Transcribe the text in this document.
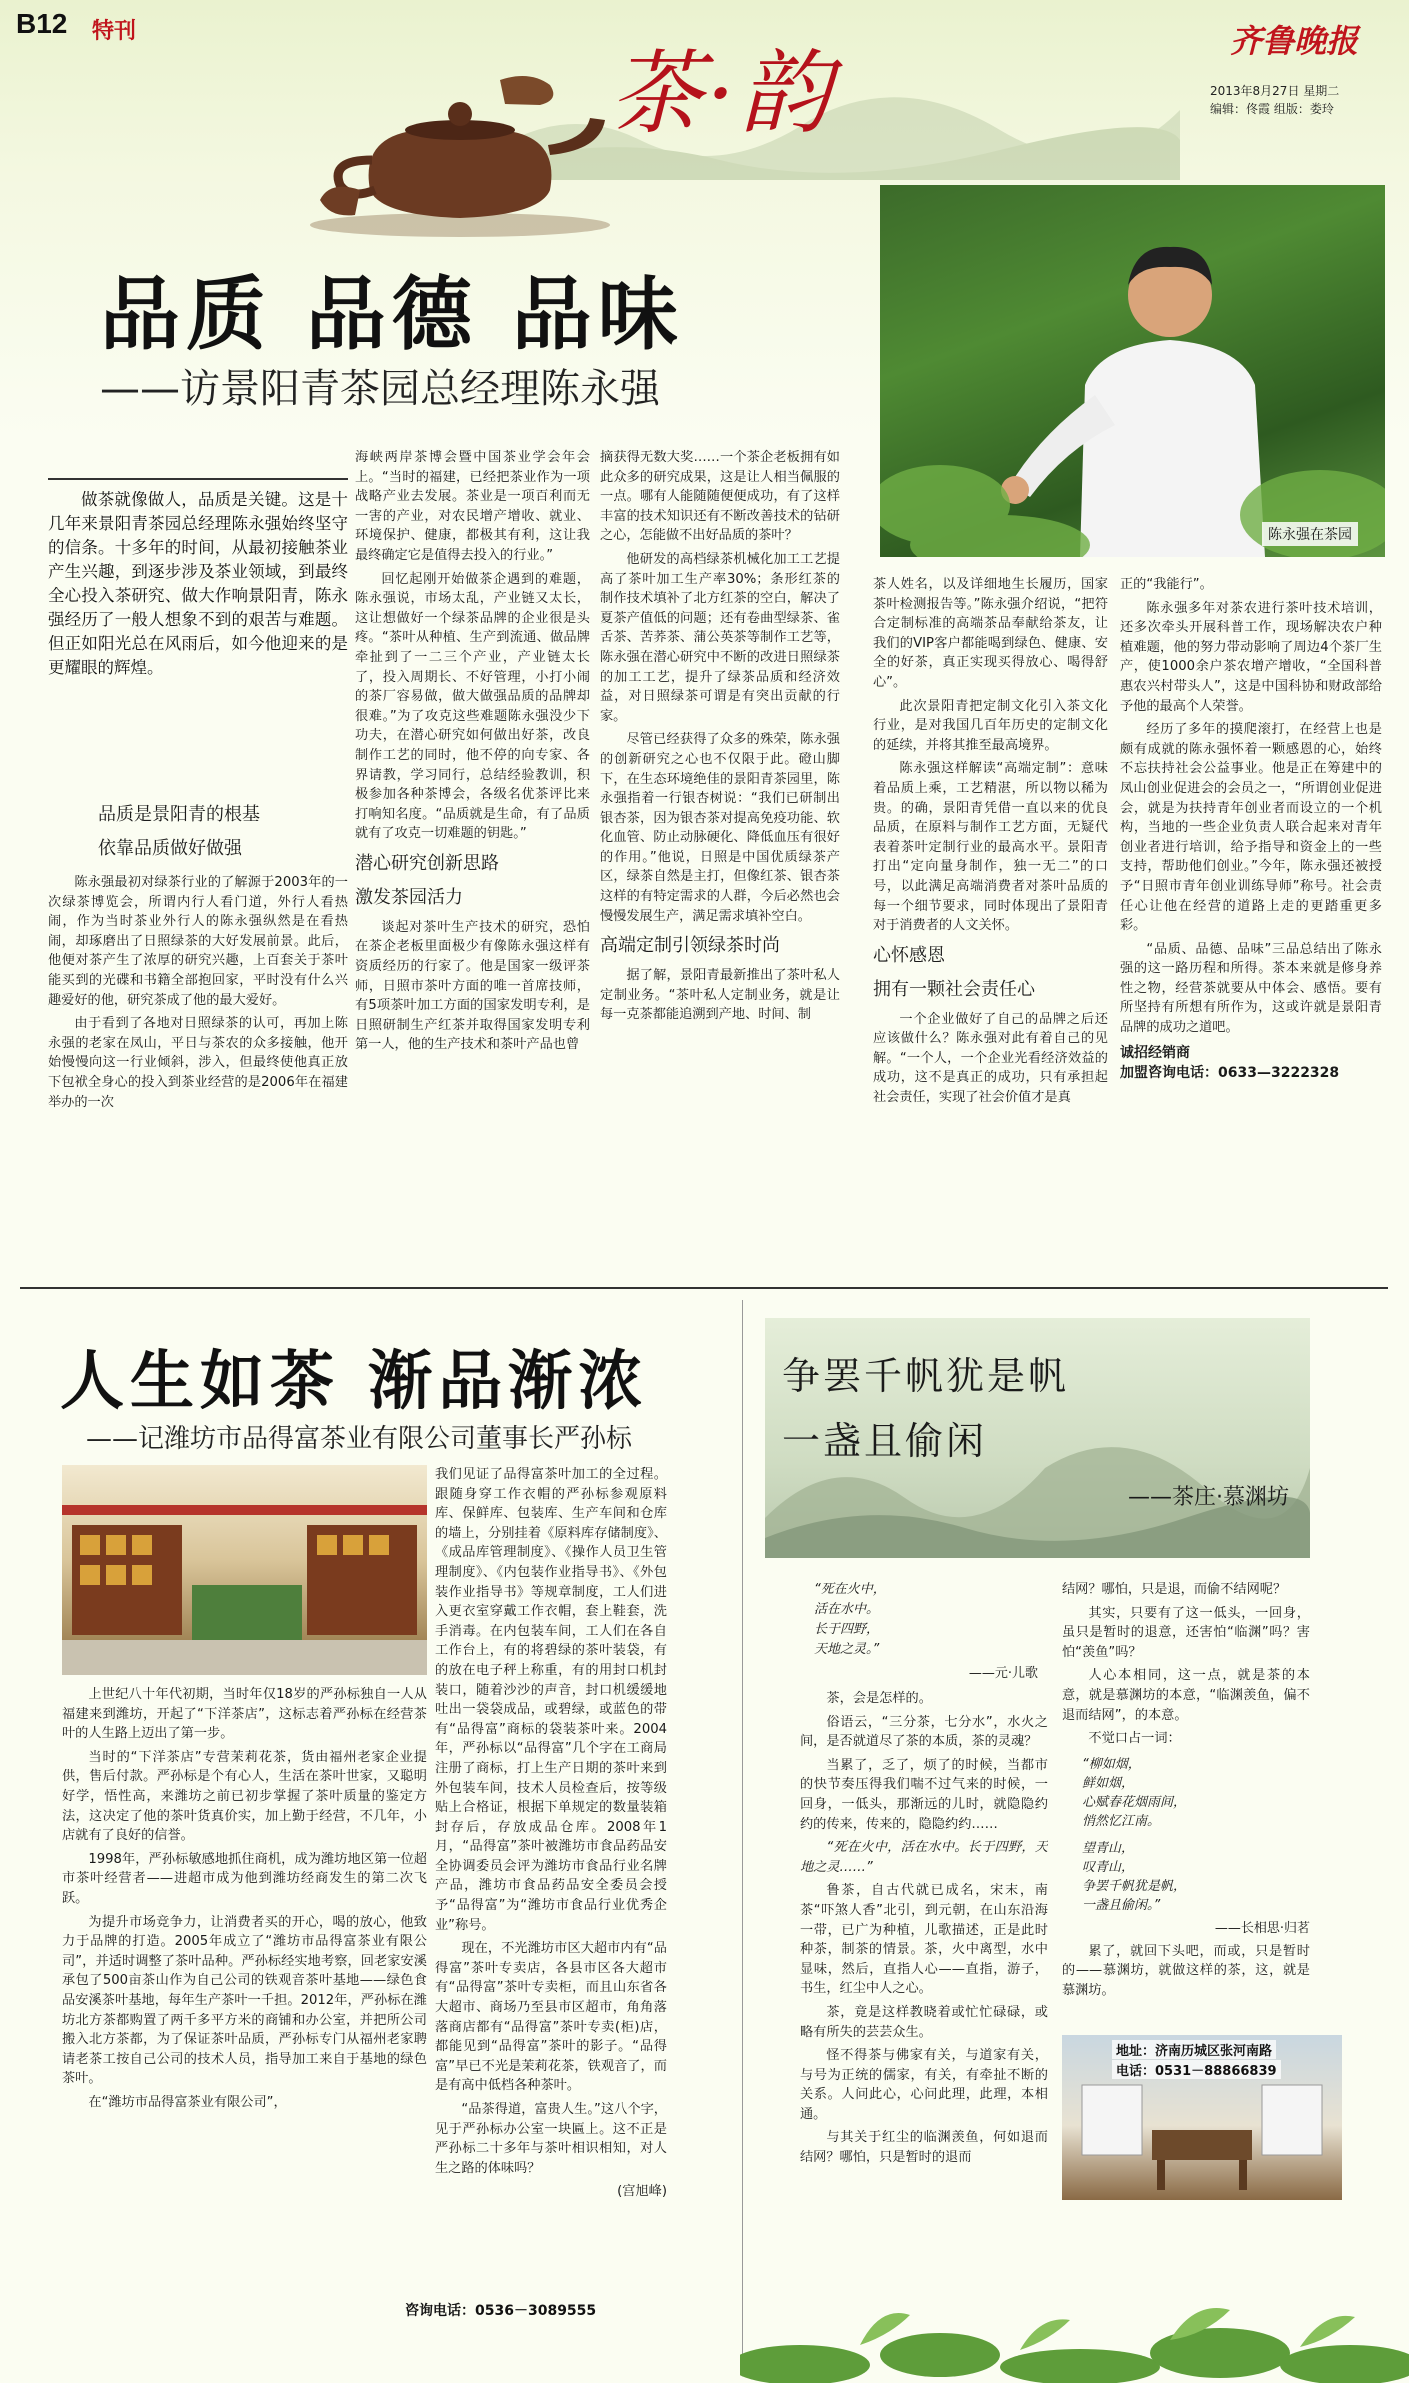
B12 特刊
茶·韵	齐鲁晚报
2013年8月27日 星期二
编辑：佟霞 组版：娄玲
品质 品德 品味
——访景阳青茶园总经理陈永强
陈永强在茶园

做茶就像做人，品质是关键。这是十几年来景阳青茶园总经理陈永强始终坚守的信条。十多年的时间，从最初接触茶业产生兴趣，到逐步涉及茶业领域，到最终全心投入茶研究、做大作响景阳青，陈永强经历了一般人想象不到的艰苦与难题。但正如阳光总在风雨后，如今他迎来的是更耀眼的辉煌。

品质是景阳青的根基
依靠品质做好做强

陈永强最初对绿茶行业的了解源于2003年的一次绿茶博览会，所谓内行人看门道，外行人看热闹，作为当时茶业外行人的陈永强纵然是在看热闹，却琢磨出了日照绿茶的大好发展前景。此后，他便对茶产生了浓厚的研究兴趣，上百套关于茶叶能买到的光碟和书籍全部抱回家，平时没有什么兴趣爱好的他，研究茶成了他的最大爱好。

由于看到了各地对日照绿茶的认可，再加上陈永强的老家在凤山，平日与茶农的众多接触，他开始慢慢向这一行业倾斜，涉入，但最终使他真正放下包袱全身心的投入到茶业经营的是2006年在福建举办的一次

海峡两岸茶博会暨中国茶业学会年会上。“当时的福建，已经把茶业作为一项战略产业去发展。茶业是一项百利而无一害的产业，对农民增产增收、就业、环境保护、健康，都极其有利，这让我最终确定它是值得去投入的行业。”

回忆起刚开始做茶企遇到的难题，陈永强说，市场太乱，产业链又太长，这让想做好一个绿茶品牌的企业很是头疼。“茶叶从种植、生产到流通、做品牌牵扯到了一二三个产业，产业链太长了，投入周期长、不好管理，小打小闹的茶厂容易做，做大做强品质的品牌却很难。”为了攻克这些难题陈永强没少下功夫，在潜心研究如何做出好茶，改良制作工艺的同时，他不停的向专家、各界请教，学习同行，总结经验教训，积极参加各种茶博会，各级名优茶评比来打响知名度。“品质就是生命，有了品质就有了攻克一切难题的钥匙。”

潜心研究创新思路
激发茶园活力

谈起对茶叶生产技术的研究，恐怕在茶企老板里面极少有像陈永强这样有资质经历的行家了。他是国家一级评茶师，日照市茶叶方面的唯一首席技师，有5项茶叶加工方面的国家发明专利，是日照研制生产红茶并取得国家发明专利第一人，他的生产技术和茶叶产品也曾

摘获得无数大奖……一个茶企老板拥有如此众多的研究成果，这是让人相当佩服的一点。哪有人能随随便便成功，有了这样丰富的技术知识还有不断改善技术的钻研之心，怎能做不出好品质的茶叶？

他研发的高档绿茶机械化加工工艺提高了茶叶加工生产率30%；条形红茶的制作技术填补了北方红茶的空白，解决了夏茶产值低的问题；还有卷曲型绿茶、雀舌茶、苦荞茶、蒲公英茶等制作工艺等，陈永强在潜心研究中不断的改进日照绿茶的加工工艺，提升了绿茶品质和经济效益，对日照绿茶可谓是有突出贡献的行家。

尽管已经获得了众多的殊荣，陈永强的创新研究之心也不仅限于此。磴山脚下，在生态环境绝佳的景阳青茶园里，陈永强指着一行银杏树说：“我们已研制出银杏茶，因为银杏茶对提高免疫功能、软化血管、防止动脉硬化、降低血压有很好的作用。”他说，日照是中国优质绿茶产区，绿茶自然是主打，但像红茶、银杏茶这样的有特定需求的人群，今后必然也会慢慢发展生产，满足需求填补空白。

高端定制引领绿茶时尚

据了解，景阳青最新推出了茶叶私人定制业务。“茶叶私人定制业务，就是让每一克茶都能追溯到产地、时间、制

茶人姓名，以及详细地生长履历，国家茶叶检测报告等。”陈永强介绍说，“把符合定制标准的高端茶品奉献给茶友，让我们的VIP客户都能喝到绿色、健康、安全的好茶，真正实现买得放心、喝得舒心”。

此次景阳青把定制文化引入茶文化行业，是对我国几百年历史的定制文化的延续，并将其推至最高境界。

陈永强这样解读“高端定制”：意味着品质上乘，工艺精湛，所以物以稀为贵。的确，景阳青凭借一直以来的优良品质，在原料与制作工艺方面，无疑代表着茶叶定制行业的最高水平。景阳青打出“定向量身制作，独一无二”的口号，以此满足高端消费者对茶叶品质的每一个细节要求，同时体现出了景阳青对于消费者的人文关怀。

心怀感恩
拥有一颗社会责任心

一个企业做好了自己的品牌之后还应该做什么？陈永强对此有着自己的见解。“一个人，一个企业光看经济效益的成功，这不是真正的成功，只有承担起社会责任，实现了社会价值才是真

正的“我能行”。

陈永强多年对茶农进行茶叶技术培训，还多次牵头开展科普工作，现场解决农户种植难题，他的努力带动影响了周边4个茶厂生产，使1000余户茶农增产增收，“全国科普惠农兴村带头人”，这是中国科协和财政部给予他的最高个人荣誉。

经历了多年的摸爬滚打，在经营上也是颇有成就的陈永强怀着一颗感恩的心，始终不忘扶持社会公益事业。他是正在筹建中的凤山创业促进会的会员之一，“所谓创业促进会，就是为扶持青年创业者而设立的一个机构，当地的一些企业负责人联合起来对青年创业者进行培训，给予指导和资金上的一些支持，帮助他们创业。”今年，陈永强还被授予“日照市青年创业训练导师”称号。社会责任心让他在经营的道路上走的更踏重更多彩。

“品质、品德、品味”三品总结出了陈永强的这一路历程和所得。茶本来就是修身养性之物，经营茶就要从中体会、感悟。要有所坚持有所想有所作为，这或许就是景阳青品牌的成功之道吧。

诚招经销商
加盟咨询电话：0633—3222328
人生如茶 渐品渐浓
——记潍坊市品得富茶业有限公司董事长严孙标

上世纪八十年代初期，当时年仅18岁的严孙标独自一人从福建来到潍坊，开起了“下洋茶店”，这标志着严孙标在经营茶叶的人生路上迈出了第一步。

当时的“下洋茶店”专营茉莉花茶，货由福州老家企业提供，售后付款。严孙标是个有心人，生活在茶叶世家，又聪明好学，悟性高，来潍坊之前已初步掌握了茶叶质量的鉴定方法，这决定了他的茶叶货真价实，加上勤于经营，不几年，小店就有了良好的信誉。

1998年，严孙标敏感地抓住商机，成为潍坊地区第一位超市茶叶经营者——进超市成为他到潍坊经商发生的第二次飞跃。

为提升市场竞争力，让消费者买的开心，喝的放心，他致力于品牌的打造。2005年成立了“潍坊市品得富茶业有限公司”，并适时调整了茶叶品种。严孙标经实地考察，回老家安溪承包了500亩茶山作为自己公司的铁观音茶叶基地——绿色食品安溪茶叶基地，每年生产茶叶一千担。2012年，严孙标在潍坊北方茶都购置了两千多平方米的商铺和办公室，并把所公司搬入北方茶都，为了保证茶叶品质，严孙标专门从福州老家聘请老茶工按自己公司的技术人员，指导加工来自于基地的绿色茶叶。

在“潍坊市品得富茶业有限公司”，

我们见证了品得富茶叶加工的全过程。跟随身穿工作衣帽的严孙标参观原料库、保鲜库、包装库、生产车间和仓库的墙上，分别挂着《原料库存储制度》、《成品库管理制度》、《操作人员卫生管理制度》、《内包装作业指导书》、《外包装作业指导书》等规章制度，工人们进入更衣室穿戴工作衣帽，套上鞋套，洗手消毒。在内包装车间，工人们在各自工作台上，有的将碧绿的茶叶装袋，有的放在电子秤上称重，有的用封口机封装口，随着沙沙的声音，封口机缓缓地吐出一袋袋成品，或碧绿，或蓝色的带有“品得富”商标的袋装茶叶来。2004年，严孙标以“品得富”几个字在工商局注册了商标，打上生产日期的茶叶来到外包装车间，技术人员检查后，按等级贴上合格证，根据下单规定的数量装箱封存后，存放成品仓库。2008年1月，“品得富”茶叶被潍坊市食品药品安全协调委员会评为潍坊市食品行业名牌产品，潍坊市食品药品安全委员会授予“品得富”为“潍坊市食品行业优秀企业”称号。

现在，不光潍坊市区大超市内有“品得富”茶叶专卖店，各县市区各大超市有“品得富”茶叶专卖柜，而且山东省各大超市、商场乃至县市区超市，角角落落商店都有“品得富”茶叶专卖(柜)店，都能见到“品得富”茶叶的影子。“品得富”早已不光是茉莉花茶，铁观音了，而是有高中低档各种茶叶。

“品茶得道，富贵人生。”这八个字，见于严孙标办公室一块匾上。这不正是严孙标二十多年与茶叶相识相知，对人生之路的体味吗？

(宫旭峰)

咨询电话：0536－3089555
争罢千帆犹是帆
一盏且偷闲
——茶庄·慕渊坊
“死在火中，
活在水中。
长于四野，
天地之灵。”
——元·儿歌

茶，会是怎样的。

俗语云，“三分茶，七分水”，水火之间，是否就道尽了茶的本质，茶的灵魂？

当累了，乏了，烦了的时候，当都市的快节奏压得我们喘不过气来的时候，一回身，一低头，那渐远的儿时，就隐隐约约的传来，传来的，隐隐约约……

“死在火中，活在水中。长于四野，天地之灵……”

鲁茶，自古代就已成名，宋末，南茶“吓煞人香”北引，到元朝，在山东沿海一带，已广为种植，儿歌描述，正是此时种茶，制茶的情景。茶，火中离型，水中显味，然后，直指人心——直指，游子，书生，红尘中人之心。

茶，竟是这样教晓着或忙忙碌碌，或略有所失的芸芸众生。

怪不得茶与佛家有关，与道家有关，与号为正统的儒家，有关，有牵扯不断的关系。人问此心，心问此理，此理，本相通。

与其关于红尘的临渊羡鱼，何如退而结网？哪怕，只是暂时的退而

结网？哪怕，只是退，而偷不结网呢？

其实，只要有了这一低头，一回身，虽只是暂时的退意，还害怕“临渊”吗？害怕“羡鱼”吗？

人心本相同，这一点，就是茶的本意，就是慕渊坊的本意，“临渊羡鱼，偏不退而结网”，的本意。

不觉口占一词：

“柳如烟，
鲜如烟，
心赋春花烟雨间，
悄然忆江南。
望青山，
叹青山，
争罢千帆犹是帆，
一盏且偷闲。”
——长相思·归茗

累了，就回下头吧，而或，只是暂时的——慕渊坊，就做这样的茶，这，就是慕渊坊。

地址：济南历城区张河南路
电话：0531－88866839
